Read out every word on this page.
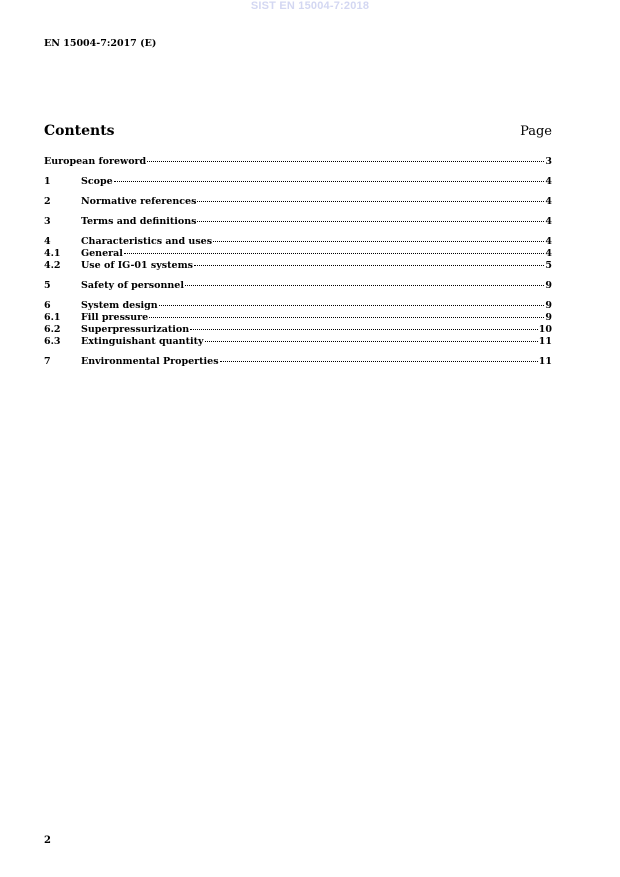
SIST EN 15004-7:2018
EN 15004-7:2017 (E)
Contents	Page
European foreword	3
1	Scope	4
2	Normative references	4
3	Terms and definitions	4
4	Characteristics and uses	4
4.1	General	4
4.2	Use of IG-01 systems	5
5	Safety of personnel	9
6	System design	9
6.1	Fill pressure	9
6.2	Superpressurization	10
6.3	Extinguishant quantity	11
7	Environmental Properties	11
2
